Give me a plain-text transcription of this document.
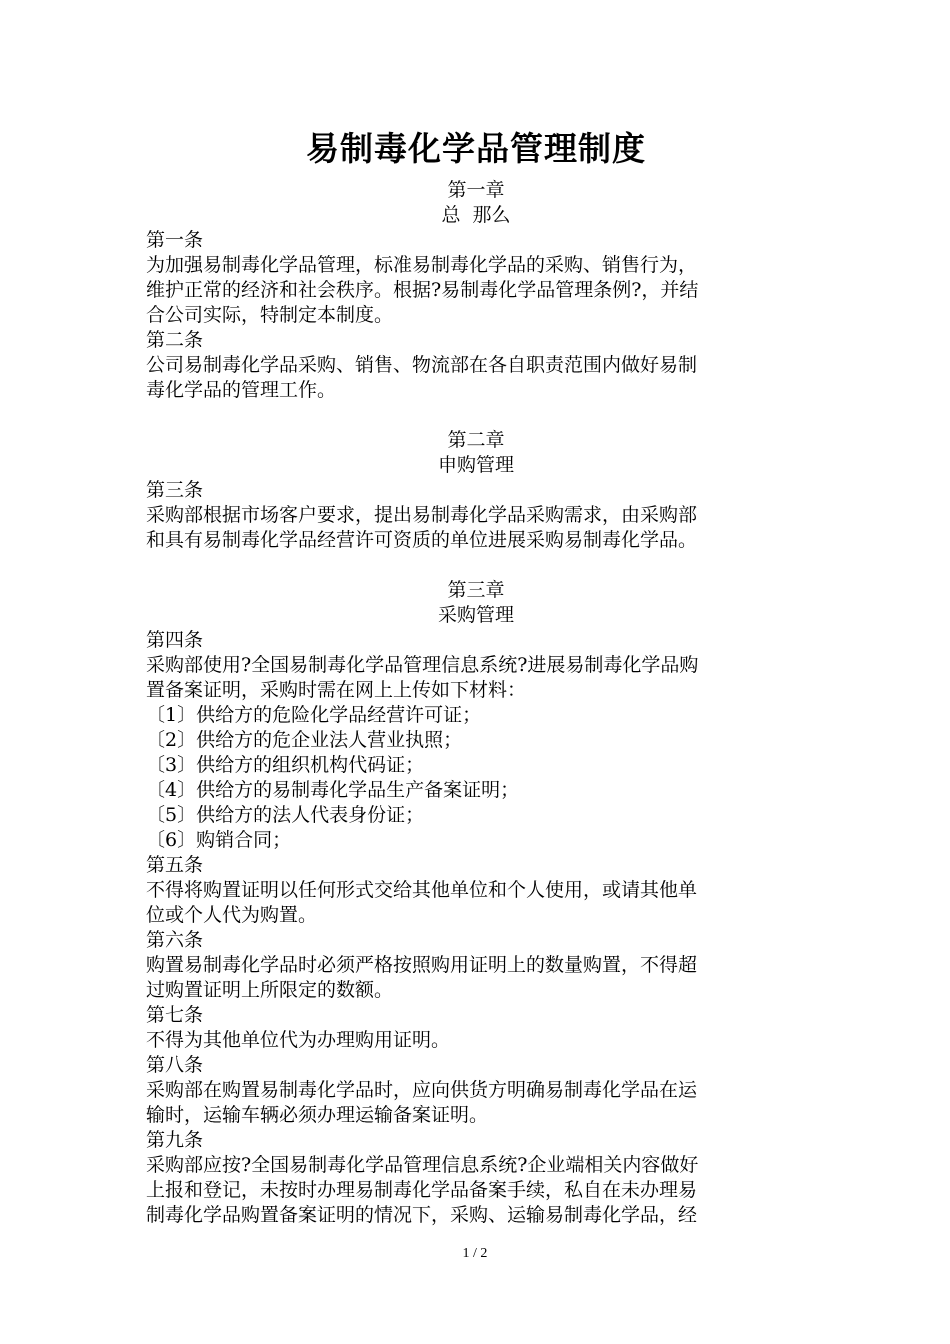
易制毒化学品管理制度
第一章
总  那么
第一条
为加强易制毒化学品管理，标准易制毒化学品的采购、销售行为，
维护正常的经济和社会秩序。根据?易制毒化学品管理条例?，并结
合公司实际，特制定本制度。
第二条
公司易制毒化学品采购、销售、物流部在各自职责范围内做好易制
毒化学品的管理工作。
第二章
申购管理
第三条
采购部根据市场客户要求，提出易制毒化学品采购需求，由采购部
和具有易制毒化学品经营许可资质的单位进展采购易制毒化学品。
第三章
采购管理
第四条
采购部使用?全国易制毒化学品管理信息系统?进展易制毒化学品购
置备案证明，采购时需在网上上传如下材料：
〔1〕供给方的危险化学品经营许可证；
〔2〕供给方的危企业法人营业执照；
〔3〕供给方的组织机构代码证；
〔4〕供给方的易制毒化学品生产备案证明；
〔5〕供给方的法人代表身份证；
〔6〕购销合同；
第五条
不得将购置证明以任何形式交给其他单位和个人使用，或请其他单
位或个人代为购置。
第六条
购置易制毒化学品时必须严格按照购用证明上的数量购置，不得超
过购置证明上所限定的数额。
第七条
不得为其他单位代为办理购用证明。
第八条
采购部在购置易制毒化学品时，应向供货方明确易制毒化学品在运
输时，运输车辆必须办理运输备案证明。
第九条
采购部应按?全国易制毒化学品管理信息系统?企业端相关内容做好
上报和登记，未按时办理易制毒化学品备案手续，私自在未办理易
制毒化学品购置备案证明的情况下，采购、运输易制毒化学品，经
1 / 2
